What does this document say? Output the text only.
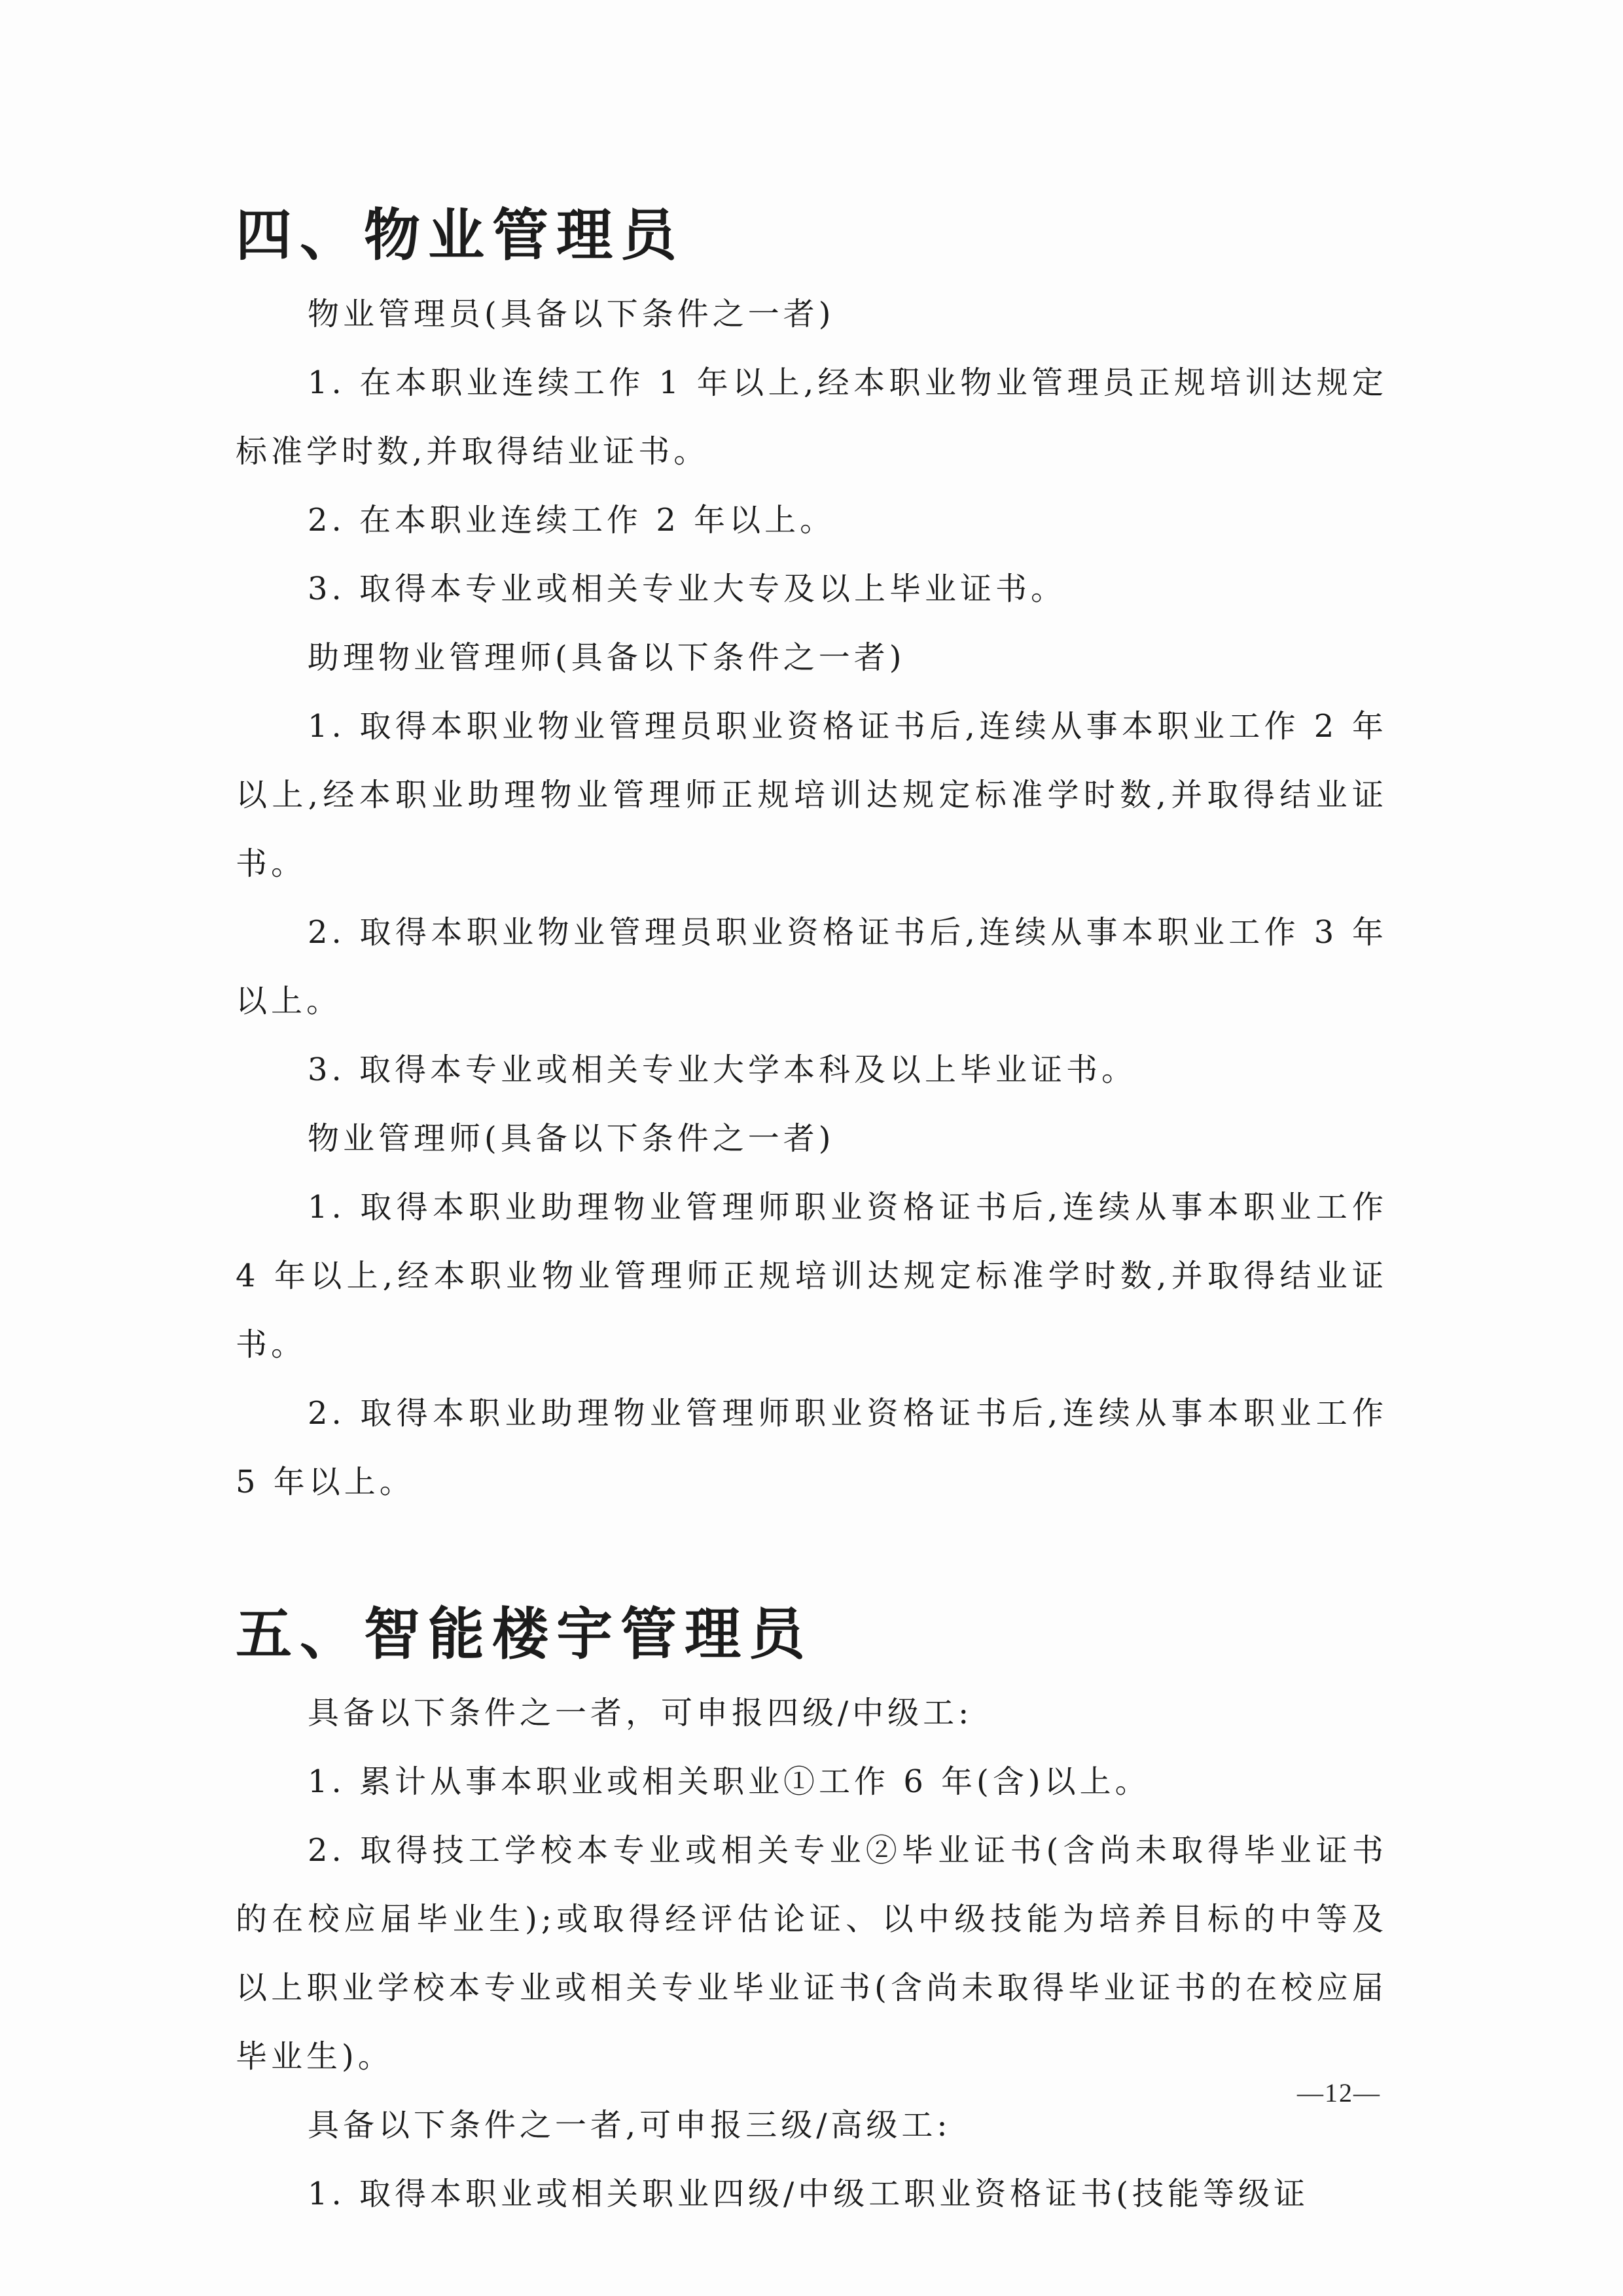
四、物业管理员

物业管理员(具备以下条件之一者)

1. 在本职业连续工作 1 年以上,经本职业物业管理员正规培训达规定标准学时数,并取得结业证书。

2. 在本职业连续工作 2 年以上。

3. 取得本专业或相关专业大专及以上毕业证书。

助理物业管理师(具备以下条件之一者)

1. 取得本职业物业管理员职业资格证书后,连续从事本职业工作 2 年以上,经本职业助理物业管理师正规培训达规定标准学时数,并取得结业证书。

2. 取得本职业物业管理员职业资格证书后,连续从事本职业工作 3 年以上。

3. 取得本专业或相关专业大学本科及以上毕业证书。

物业管理师(具备以下条件之一者)

1. 取得本职业助理物业管理师职业资格证书后,连续从事本职业工作 4 年以上,经本职业物业管理师正规培训达规定标准学时数,并取得结业证书。

2. 取得本职业助理物业管理师职业资格证书后,连续从事本职业工作 5 年以上。

五、智能楼宇管理员

具备以下条件之一者，可申报四级/中级工:

1. 累计从事本职业或相关职业①工作 6 年(含)以上。

2. 取得技工学校本专业或相关专业②毕业证书(含尚未取得毕业证书的在校应届毕业生);或取得经评估论证、以中级技能为培养目标的中等及以上职业学校本专业或相关专业毕业证书(含尚未取得毕业证书的在校应届毕业生)。

具备以下条件之一者,可申报三级/高级工:

1. 取得本职业或相关职业四级/中级工职业资格证书(技能等级证

—12—
